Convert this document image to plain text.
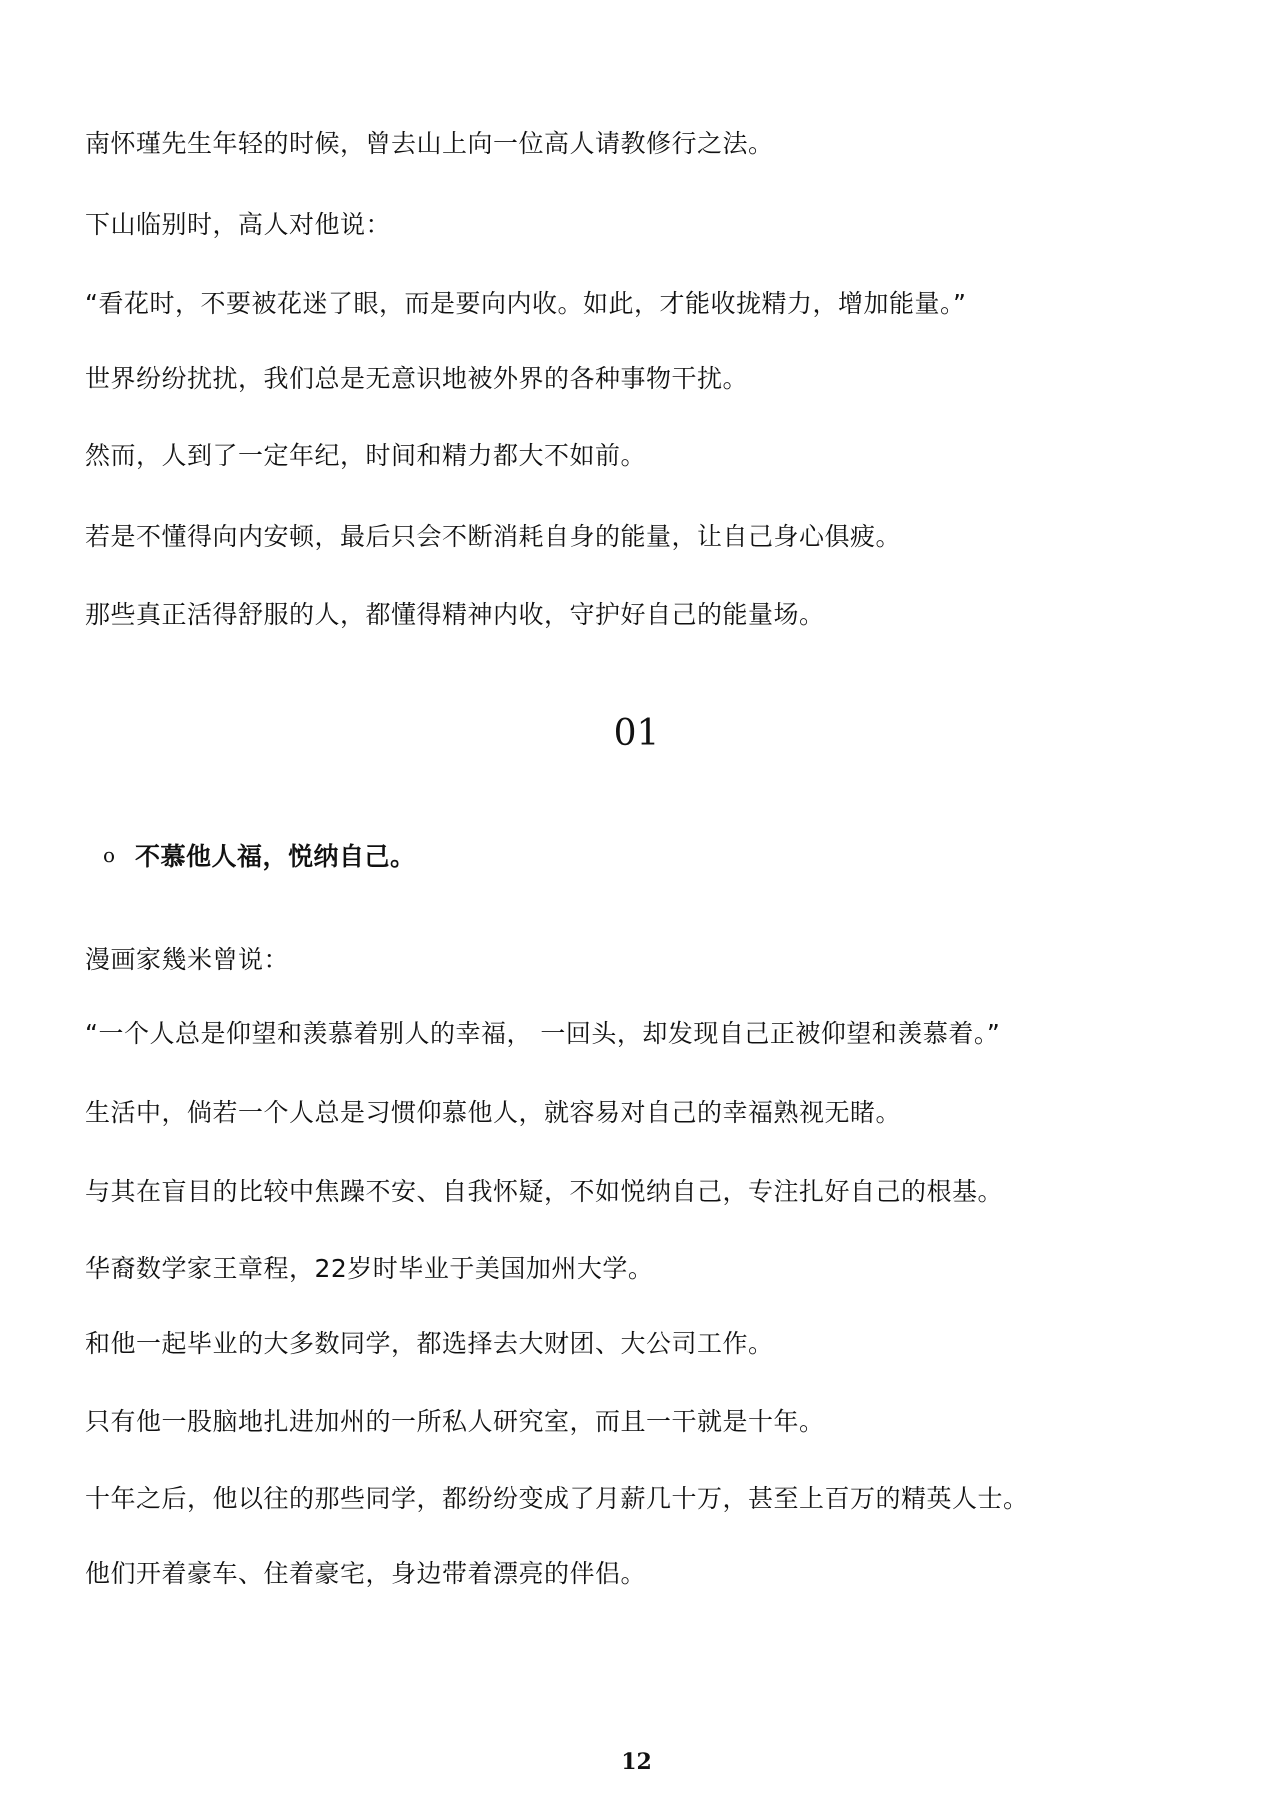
南怀瑾先生年轻的时候，曾去山上向一位高人请教修行之法。

下山临别时，高人对他说：

“看花时，不要被花迷了眼，而是要向内收。如此，才能收拢精力，增加能量。”

世界纷纷扰扰，我们总是无意识地被外界的各种事物干扰。

然而，人到了一定年纪，时间和精力都大不如前。

若是不懂得向内安顿，最后只会不断消耗自身的能量，让自己身心俱疲。

那些真正活得舒服的人，都懂得精神内收，守护好自己的能量场。

01
o 不慕他人福，悦纳自己。

漫画家幾米曾说：

“一个人总是仰望和羡慕着别人的幸福， 一回头，却发现自己正被仰望和羡慕着。”

生活中，倘若一个人总是习惯仰慕他人，就容易对自己的幸福熟视无睹。

与其在盲目的比较中焦躁不安、自我怀疑，不如悦纳自己，专注扎好自己的根基。

华裔数学家王章程，22岁时毕业于美国加州大学。

和他一起毕业的大多数同学，都选择去大财团、大公司工作。

只有他一股脑地扎进加州的一所私人研究室，而且一干就是十年。

十年之后，他以往的那些同学，都纷纷变成了月薪几十万，甚至上百万的精英人士。

他们开着豪车、住着豪宅，身边带着漂亮的伴侣。

12
